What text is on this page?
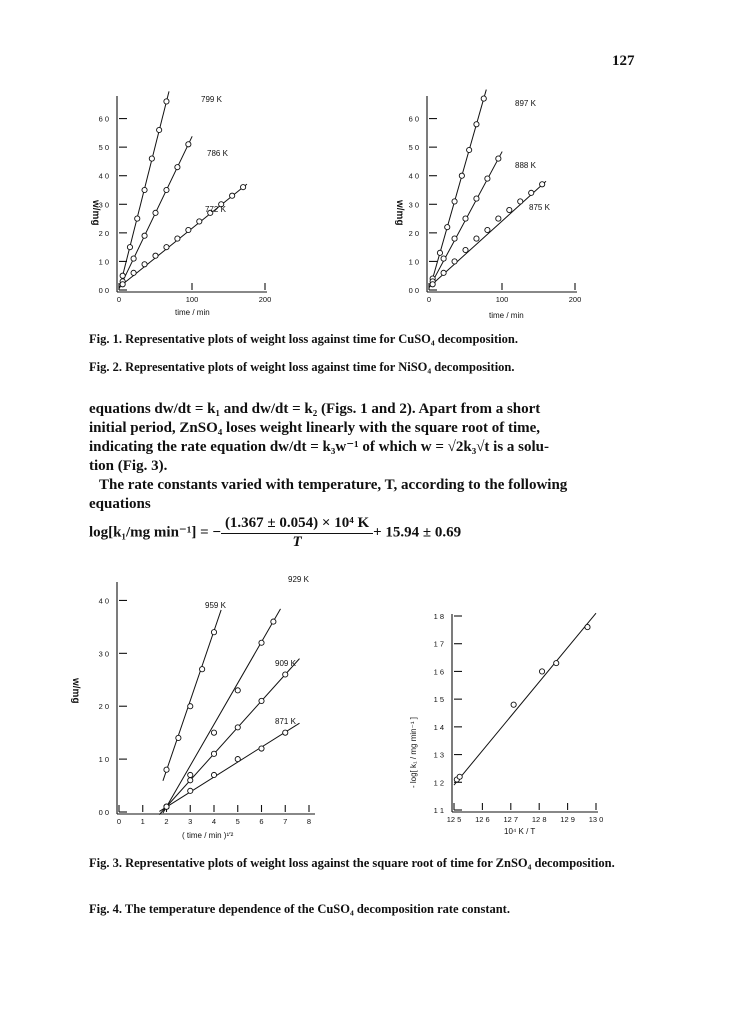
127
0 0
1 0
2 0
3 0
4 0
5 0
6 0
0	100	200
w/mg
time / min
799 K
786 K
772 K
0 0
1 0
2 0
3 0
4 0
5 0
6 0
0	100	200
w/mg
time / min
897 K
888 K
875 K
Fig. 1. Representative plots of weight loss against time for CuSO₄ decomposition.
Fig. 2. Representative plots of weight loss against time for NiSO₄ decomposition.

equations dw/dt = k₁ and dw/dt = k₂ (Figs. 1 and 2). Apart from a short

initial period, ZnSO₄ loses weight linearly with the square root of time,

indicating the rate equation dw/dt = k₃w⁻¹ of which w = √2k₃√t is a solu-

tion (Fig. 3).

The rate constants varied with temperature, T, according to the following

equations

log[k₁/mg min⁻¹] = − $\frac{\text{(1.367 ± 0.054) × 10⁴ K}}{T} + 15.94 \pm 0.69$
0 0
1 0
2 0
3 0
4 0
0	1	2	3	4	5	6	7	8
w/mg
( time / min )¹′²
959 K
929 K
909 K
871 K
1 1
1 2
1 3
1 4
1 5
1 6
1 7
1 8
12 5 12 6 12 7 12 8 12 9 13 0
- log[ k₁ / mg min⁻¹ ]
10⁴ K / T
Fig. 3. Representative plots of weight loss against the square root of time for ZnSO₄ decomposition.
Fig. 4. The temperature dependence of the CuSO₄ decomposition rate constant.
